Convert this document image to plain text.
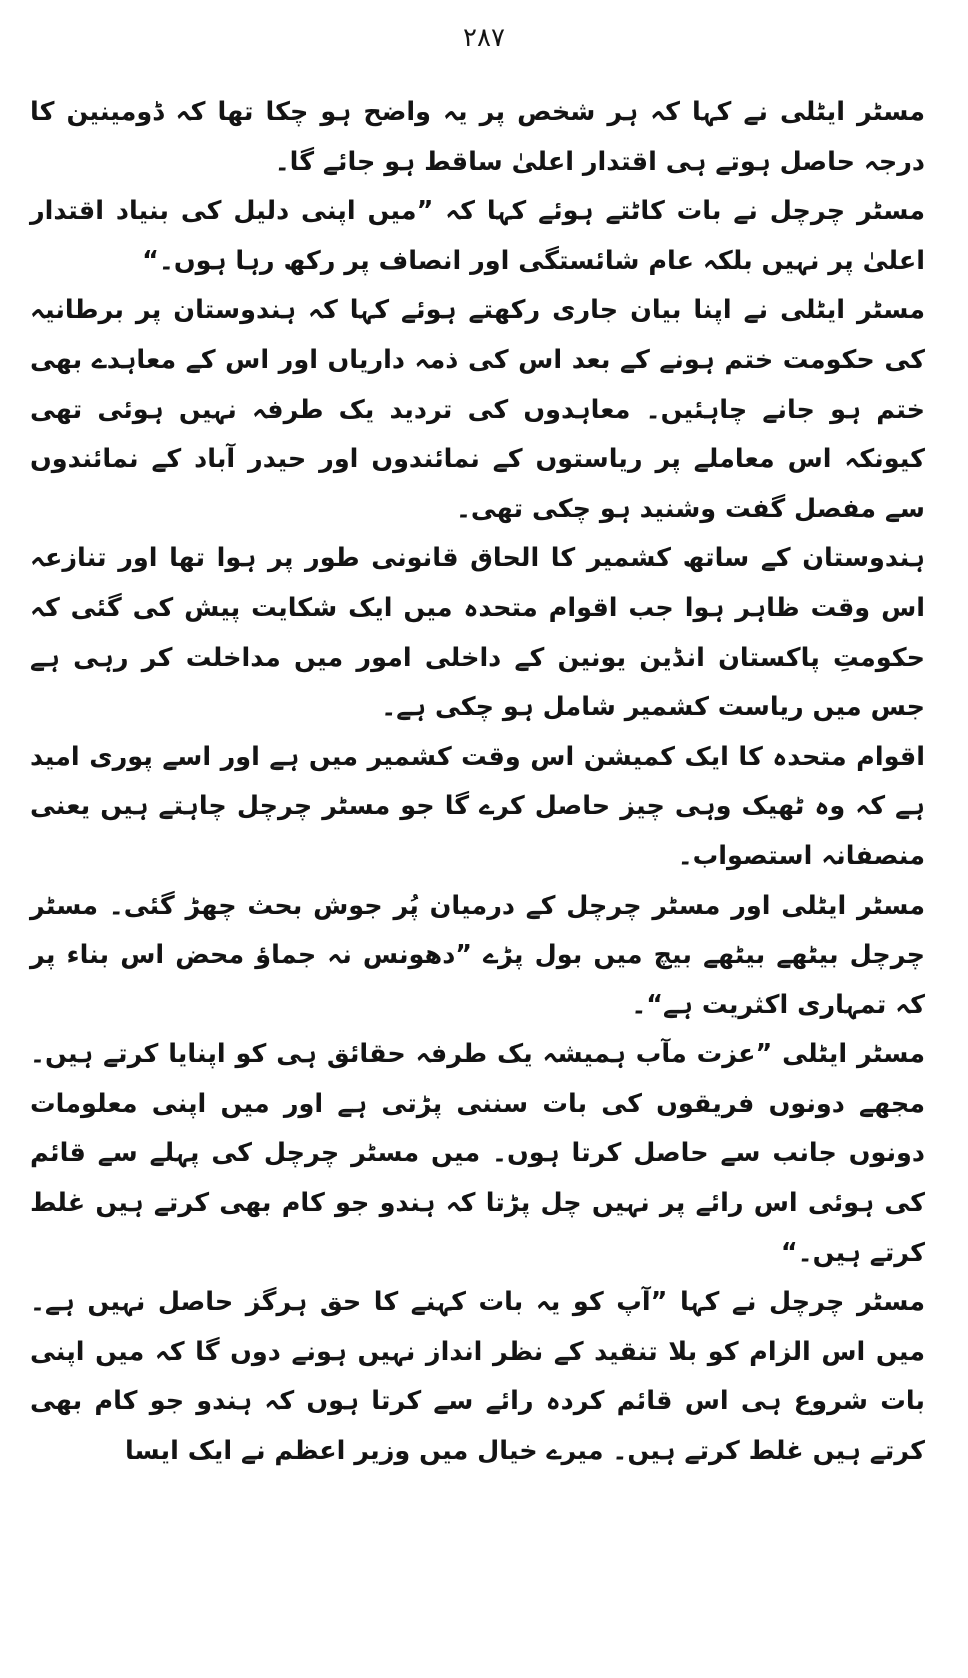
۲۸۷

مسٹر ایٹلی نے کہا کہ ہر شخص پر یہ واضح ہو چکا تھا کہ ڈومینین کا درجہ حاصل ہوتے ہی اقتدار اعلیٰ ساقط ہو جائے گا۔

مسٹر چرچل نے بات کاٹتے ہوئے کہا کہ ”میں اپنی دلیل کی بنیاد اقتدار اعلیٰ پر نہیں بلکہ عام شائستگی اور انصاف پر رکھ رہا ہوں۔“

مسٹر ایٹلی نے اپنا بیان جاری رکھتے ہوئے کہا کہ ہندوستان پر برطانیہ کی حکومت ختم ہونے کے بعد اس کی ذمہ داریاں اور اس کے معاہدے بھی ختم ہو جانے چاہئیں۔ معاہدوں کی تردید یک طرفہ نہیں ہوئی تھی کیونکہ اس معاملے پر ریاستوں کے نمائندوں اور حیدر آباد کے نمائندوں سے مفصل گفت وشنید ہو چکی تھی۔

ہندوستان کے ساتھ کشمیر کا الحاق قانونی طور پر ہوا تھا اور تنازعہ اس وقت ظاہر ہوا جب اقوام متحدہ میں ایک شکایت پیش کی گئی کہ حکومتِ پاکستان انڈین یونین کے داخلی امور میں مداخلت کر رہی ہے جس میں ریاست کشمیر شامل ہو چکی ہے۔

اقوام متحدہ کا ایک کمیشن اس وقت کشمیر میں ہے اور اسے پوری امید ہے کہ وہ ٹھیک وہی چیز حاصل کرے گا جو مسٹر چرچل چاہتے ہیں یعنی منصفانہ استصواب۔

مسٹر ایٹلی اور مسٹر چرچل کے درمیان پُر جوش بحث چھڑ گئی۔ مسٹر چرچل بیٹھے بیٹھے بیچ میں بول پڑے ”دھونس نہ جماؤ محض اس بناء پر کہ تمہاری اکثریت ہے“۔

مسٹر ایٹلی ”عزت مآب ہمیشہ یک طرفہ حقائق ہی کو اپنایا کرتے ہیں۔ مجھے دونوں فریقوں کی بات سننی پڑتی ہے اور میں اپنی معلومات دونوں جانب سے حاصل کرتا ہوں۔ میں مسٹر چرچل کی پہلے سے قائم کی ہوئی اس رائے پر نہیں چل پڑتا کہ ہندو جو کام بھی کرتے ہیں غلط کرتے ہیں۔“

مسٹر چرچل نے کہا ”آپ کو یہ بات کہنے کا حق ہرگز حاصل نہیں ہے۔ میں اس الزام کو بلا تنقید کے نظر انداز نہیں ہونے دوں گا کہ میں اپنی بات شروع ہی اس قائم کردہ رائے سے کرتا ہوں کہ ہندو جو کام بھی کرتے ہیں غلط کرتے ہیں۔ میرے خیال میں وزیر اعظم نے ایک ایسا
